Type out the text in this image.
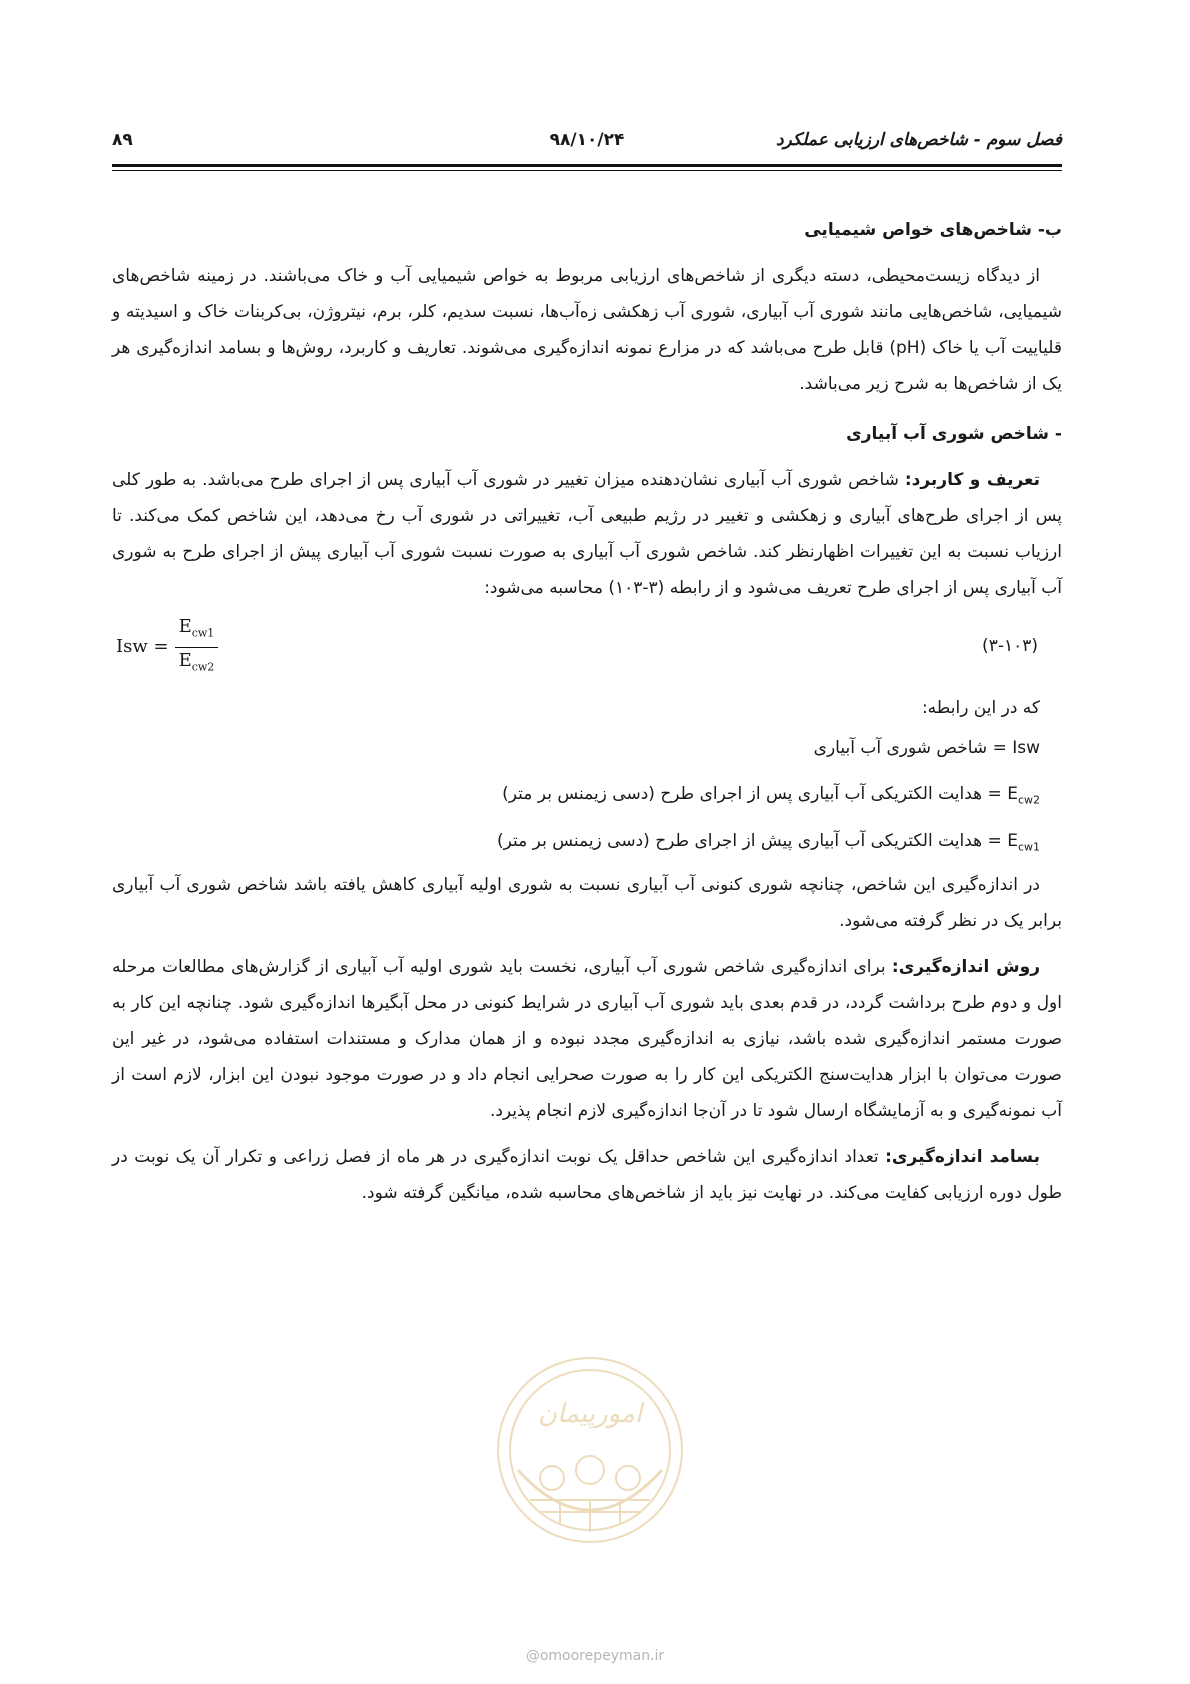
فصل سوم - شاخص‌های ارزیابی عملکرد
۹۸/۱۰/۲۴
۸۹

ب- شاخص‌های خواص شیمیایی

از دیدگاه زیست‌محیطی، دسته دیگری از شاخص‌های ارزیابی مربوط به خواص شیمیایی آب و خاک می‌باشند. در زمینه شاخص‌های شیمیایی، شاخص‌هایی مانند شوری آب آبیاری، شوری آب زهکشی زه‌آب‌ها، نسبت سدیم، کلر، برم، نیتروژن، بی‌کربنات خاک و اسیدیته و قلیاییت آب یا خاک (pH) قابل طرح می‌باشد که در مزارع نمونه اندازه‌گیری می‌شوند. تعاریف و کاربرد، روش‌ها و بسامد اندازه‌گیری هر یک از شاخص‌ها به شرح زیر می‌باشد.

- شاخص شوری آب آبیاری

تعریف و کاربرد: شاخص شوری آب آبیاری نشان‌دهنده میزان تغییر در شوری آب آبیاری پس از اجرای طرح می‌باشد. به طور کلی پس از اجرای طرح‌های آبیاری و زهکشی و تغییر در رژیم طبیعی آب، تغییراتی در شوری آب رخ می‌دهد، این شاخص کمک می‌کند. تا ارزیاب نسبت به این تغییرات اظهارنظر کند. شاخص شوری آب آبیاری به صورت نسبت شوری آب آبیاری پیش از اجرای طرح به شوری آب آبیاری پس از اجرای طرح تعریف می‌شود و از رابطه (۳-۱۰۳) محاسبه می‌شود:

Isw = $\frac{E_{cw1}}{E_{cw2}}$	(۳-۱۰۳)

که در این رابطه:

Isw = شاخص شوری آب آبیاری

$E_{cw2}$ = هدایت الکتریکی آب آبیاری پس از اجرای طرح (دسی زیمنس بر متر)

$E_{cw1}$ = هدایت الکتریکی آب آبیاری پیش از اجرای طرح (دسی زیمنس بر متر)

در اندازه‌گیری این شاخص، چنانچه شوری کنونی آب آبیاری نسبت به شوری اولیه آبیاری کاهش یافته باشد شاخص شوری آب آبیاری برابر یک در نظر گرفته می‌شود.

روش اندازه‌گیری: برای اندازه‌گیری شاخص شوری آب آبیاری، نخست باید شوری اولیه آب آبیاری از گزارش‌های مطالعات مرحله اول و دوم طرح برداشت گردد، در قدم بعدی باید شوری آب آبیاری در شرایط کنونی در محل آبگیرها اندازه‌گیری شود. چنانچه این کار به صورت مستمر اندازه‌گیری شده باشد، نیازی به اندازه‌گیری مجدد نبوده و از همان مدارک و مستندات استفاده می‌شود، در غیر این صورت می‌توان با ابزار هدایت‌سنج الکتریکی این کار را به صورت صحرایی انجام داد و در صورت موجود نبودن این ابزار، لازم است از آب نمونه‌گیری و به آزمایشگاه ارسال شود تا در آن‌جا اندازه‌گیری لازم انجام پذیرد.

بسامد اندازه‌گیری: تعداد اندازه‌گیری این شاخص حداقل یک نوبت اندازه‌گیری در هر ماه از فصل زراعی و تکرار آن یک نوبت در طول دوره ارزیابی کفایت می‌کند. در نهایت نیز باید از شاخص‌های محاسبه شده، میانگین گرفته شود.

امورپیمان
@omoorepeyman.ir
